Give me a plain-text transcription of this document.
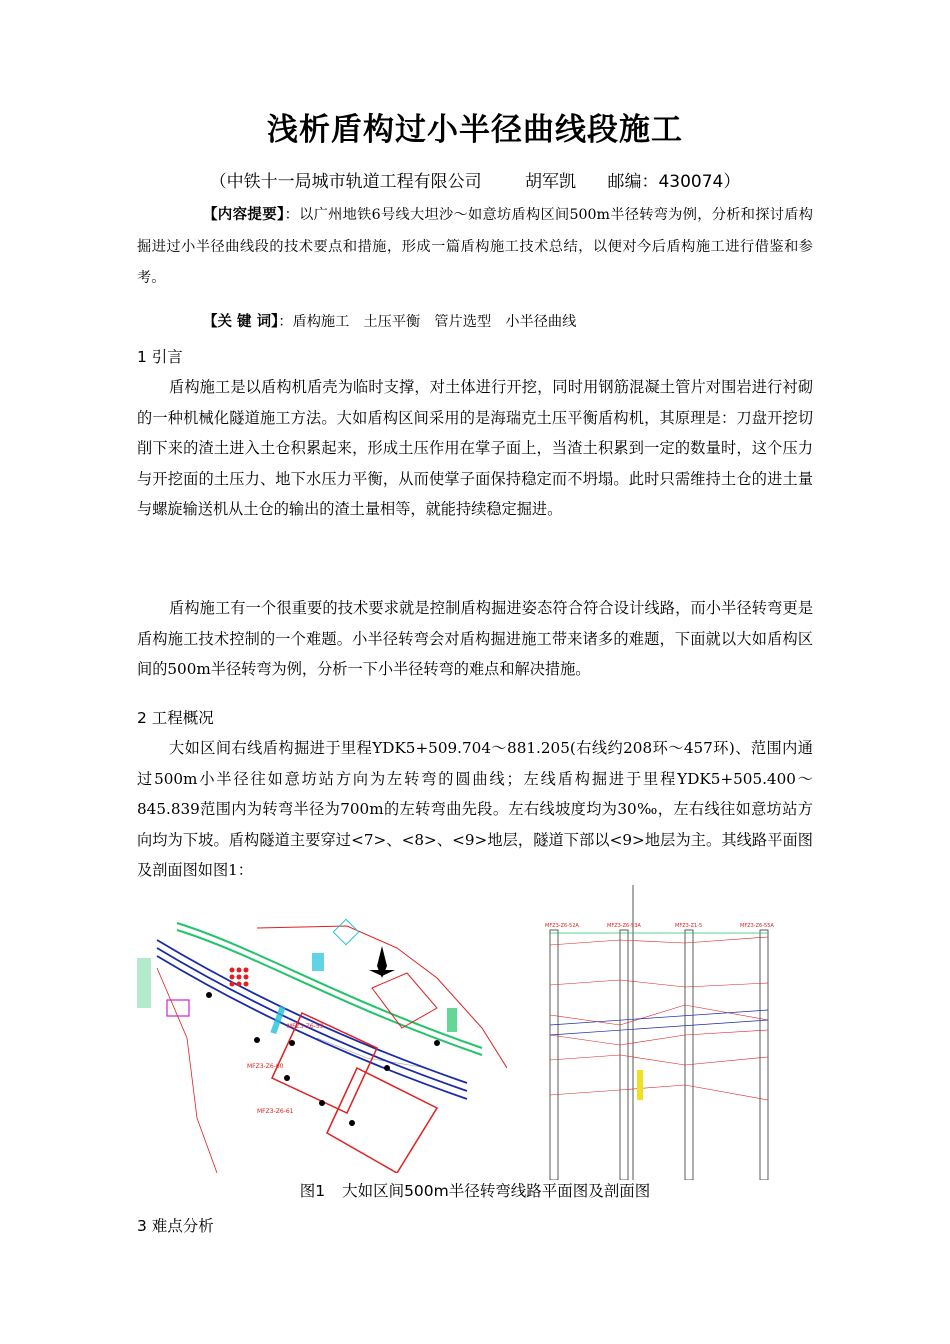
浅析盾构过小半径曲线段施工
（中铁十一局城市轨道工程有限公司	胡军凯 邮编：430074）

【内容提要】：以广州地铁6号线大坦沙～如意坊盾构区间500m半径转弯为例，分析和探讨盾构掘进过小半径曲线段的技术要点和措施，形成一篇盾构施工技术总结，以便对今后盾构施工进行借鉴和参考。

【关 键 词】：盾构施工　土压平衡　管片选型　小半径曲线

1 引言

盾构施工是以盾构机盾壳为临时支撑，对土体进行开挖，同时用钢筋混凝土管片对围岩进行衬砌的一种机械化隧道施工方法。大如盾构区间采用的是海瑞克土压平衡盾构机，其原理是：刀盘开挖切削下来的渣土进入土仓积累起来，形成土压作用在掌子面上，当渣土积累到一定的数量时，这个压力与开挖面的土压力、地下水压力平衡，从而使掌子面保持稳定而不坍塌。此时只需维持土仓的进土量与螺旋输送机从土仓的输出的渣土量相等，就能持续稳定掘进。

盾构施工有一个很重要的技术要求就是控制盾构掘进姿态符合符合设计线路，而小半径转弯更是盾构施工技术控制的一个难题。小半径转弯会对盾构掘进施工带来诸多的难题，下面就以大如盾构区间的500m半径转弯为例，分析一下小半径转弯的难点和解决措施。

2 工程概况

大如区间右线盾构掘进于里程YDK5+509.704～881.205(右线约208环～457环)、范围内通过500m小半径往如意坊站方向为左转弯的圆曲线；左线盾构掘进于里程YDK5+505.400～845.839范围内为转弯半径为700m的左转弯曲先段。左右线坡度均为30‰，左右线往如意坊站方向均为下坡。盾构隧道主要穿过<7>、<8>、<9>地层，隧道下部以<9>地层为主。其线路平面图及剖面图如图1：

MFZ3-Z6-59
MFZ3-Z6-60
MFZ3-Z6-61
MFZ3-Z6-52A	MFZ3-Z6-53A	MFZ3-Z1-5	MFZ3-Z6-55A
图1 大如区间500m半径转弯线路平面图及剖面图
3 难点分析
